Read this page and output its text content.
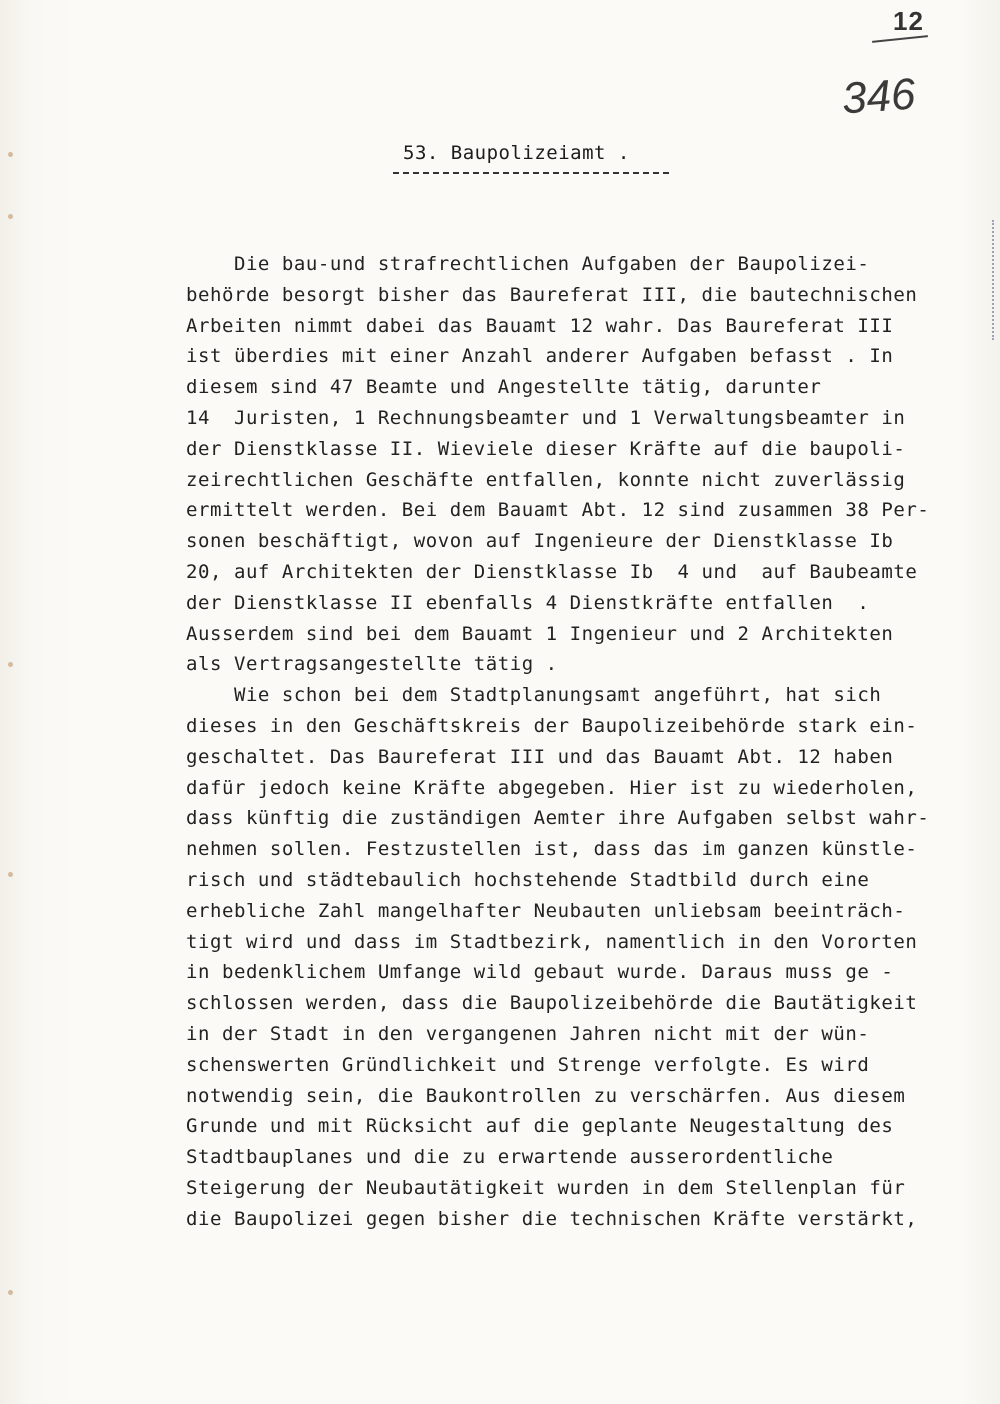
12
346
53. Baupolizeiamt .
Die bau-und strafrechtlichen Aufgaben der Baupolizei-
behörde besorgt bisher das Baureferat III, die bautechnischen
Arbeiten nimmt dabei das Bauamt 12 wahr. Das Baureferat III
ist überdies mit einer Anzahl anderer Aufgaben befasst . In
diesem sind 47 Beamte und Angestellte tätig, darunter
14  Juristen, 1 Rechnungsbeamter und 1 Verwaltungsbeamter in
der Dienstklasse II. Wieviele dieser Kräfte auf die baupoli-
zeirechtlichen Geschäfte entfallen, konnte nicht zuverlässig
ermittelt werden. Bei dem Bauamt Abt. 12 sind zusammen 38 Per-
sonen beschäftigt, wovon auf Ingenieure der Dienstklasse Ib
20, auf Architekten der Dienstklasse Ib  4 und  auf Baubeamte
der Dienstklasse II ebenfalls 4 Dienstkräfte entfallen  .
Ausserdem sind bei dem Bauamt 1 Ingenieur und 2 Architekten
als Vertragsangestellte tätig .
Wie schon bei dem Stadtplanungsamt angeführt, hat sich
dieses in den Geschäftskreis der Baupolizeibehörde stark ein-
geschaltet. Das Baureferat III und das Bauamt Abt. 12 haben
dafür jedoch keine Kräfte abgegeben. Hier ist zu wiederholen,
dass künftig die zuständigen Aemter ihre Aufgaben selbst wahr-
nehmen sollen. Festzustellen ist, dass das im ganzen künstle-
risch und städtebaulich hochstehende Stadtbild durch eine
erhebliche Zahl mangelhafter Neubauten unliebsam beeinträch-
tigt wird und dass im Stadtbezirk, namentlich in den Vororten
in bedenklichem Umfange wild gebaut wurde. Daraus muss ge -
schlossen werden, dass die Baupolizeibehörde die Bautätigkeit
in der Stadt in den vergangenen Jahren nicht mit der wün-
schenswerten Gründlichkeit und Strenge verfolgte. Es wird
notwendig sein, die Baukontrollen zu verschärfen. Aus diesem
Grunde und mit Rücksicht auf die geplante Neugestaltung des
Stadtbauplanes und die zu erwartende ausserordentliche
Steigerung der Neubautätigkeit wurden in dem Stellenplan für
die Baupolizei gegen bisher die technischen Kräfte verstärkt,
